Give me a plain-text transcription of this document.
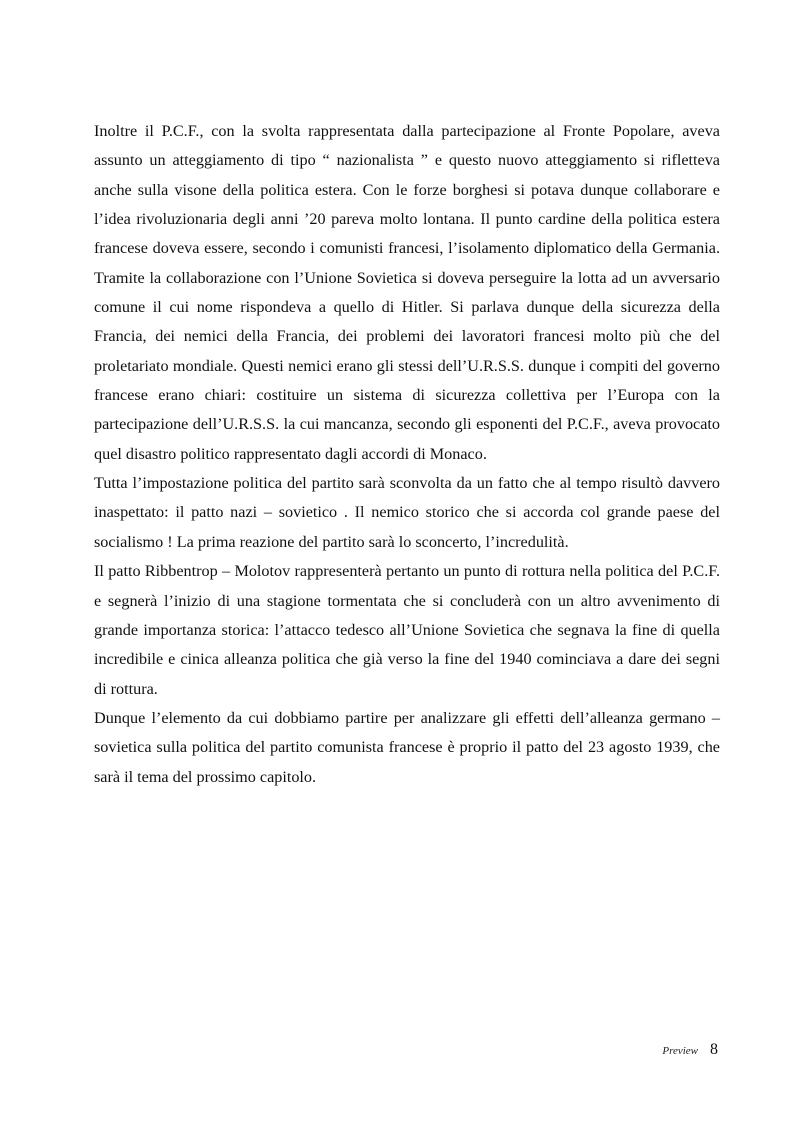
Inoltre il P.C.F., con la svolta rappresentata dalla partecipazione al Fronte Popolare, aveva assunto un atteggiamento di tipo “ nazionalista ” e questo nuovo atteggiamento si rifletteva anche sulla visone della politica estera. Con le forze borghesi si potava dunque collaborare e l’idea rivoluzionaria degli anni ’20 pareva molto lontana. Il punto cardine della politica estera francese doveva essere, secondo i comunisti francesi, l’isolamento diplomatico della Germania. Tramite la collaborazione con l’Unione Sovietica si doveva perseguire la lotta ad un avversario comune il cui nome rispondeva a quello di Hitler. Si parlava dunque della sicurezza della Francia, dei nemici della Francia, dei problemi dei lavoratori francesi molto più che del proletariato mondiale. Questi nemici erano gli stessi dell’U.R.S.S. dunque i compiti del governo francese erano chiari: costituire un sistema di sicurezza collettiva per l’Europa con la partecipazione dell’U.R.S.S. la cui mancanza, secondo gli esponenti del P.C.F., aveva provocato quel disastro politico rappresentato dagli accordi di Monaco.

Tutta l’impostazione politica del partito sarà sconvolta da un fatto che al tempo risultò davvero inaspettato: il patto nazi – sovietico . Il nemico storico che si accorda col grande paese del socialismo ! La prima reazione del partito sarà lo sconcerto, l’incredulità.

Il patto Ribbentrop – Molotov rappresenterà pertanto un punto di rottura nella politica del P.C.F. e segnerà l’inizio di una stagione tormentata che si concluderà con un altro avvenimento di grande importanza storica: l’attacco tedesco all’Unione Sovietica che segnava la fine di quella incredibile e cinica alleanza politica che già verso la fine del 1940 cominciava a dare dei segni di rottura.

Dunque l’elemento da cui dobbiamo partire per analizzare gli effetti dell’alleanza germano – sovietica sulla politica del partito comunista francese è proprio il patto del 23 agosto 1939, che sarà il tema del prossimo capitolo.

Preview 8
